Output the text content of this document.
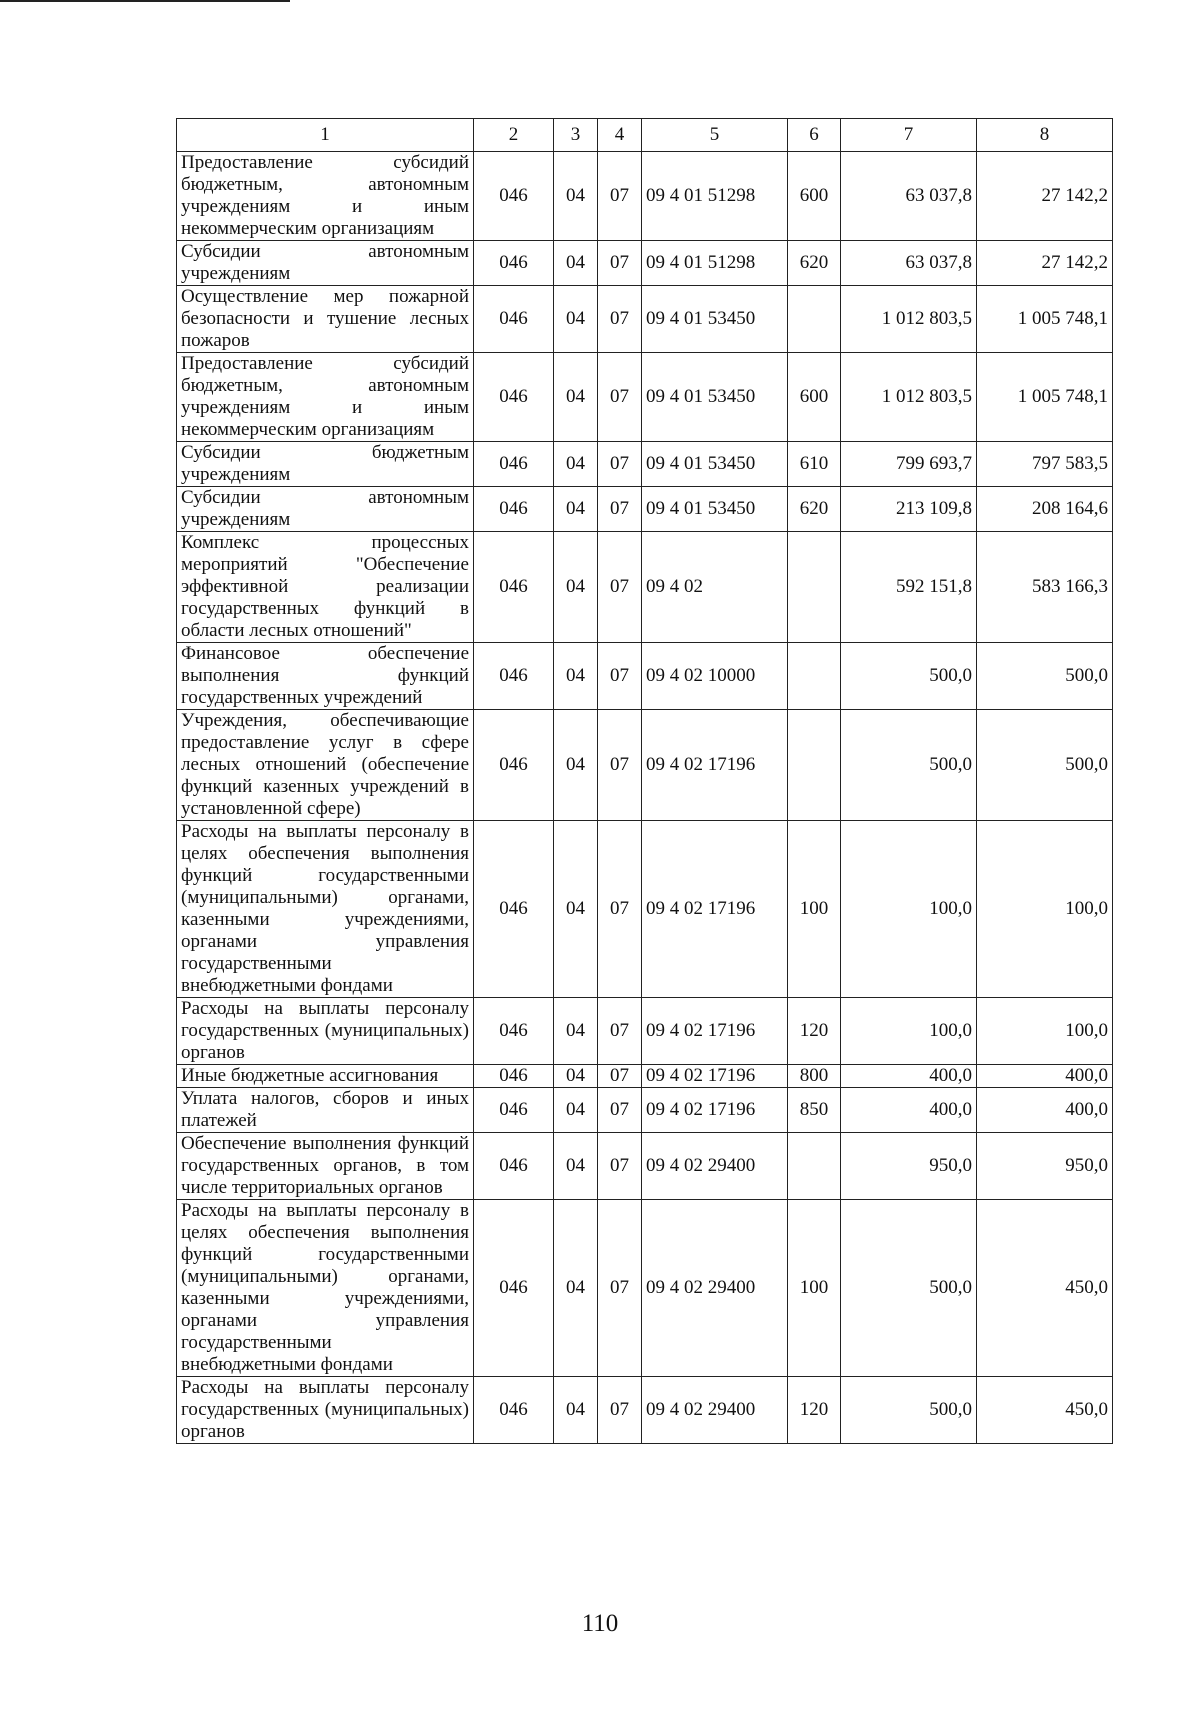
1	2	3	4	5	6	7	8
Предоставление субсидий бюджетным, автономным учреждениям и иным некоммерческим организациям	046	04	07	09 4 01 51298	600	63 037,8	27 142,2
Субсидии автономным учреждениям	046	04	07	09 4 01 51298	620	63 037,8	27 142,2
Осуществление мер пожарной безопасности и тушение лесных пожаров	046	04	07	09 4 01 53450		1 012 803,5	1 005 748,1
Предоставление субсидий бюджетным, автономным учреждениям и иным некоммерческим организациям	046	04	07	09 4 01 53450	600	1 012 803,5	1 005 748,1
Субсидии бюджетным учреждениям	046	04	07	09 4 01 53450	610	799 693,7	797 583,5
Субсидии автономным учреждениям	046	04	07	09 4 01 53450	620	213 109,8	208 164,6
Комплекс процессных мероприятий "Обеспечение эффективной реализации государственных функций в области лесных отношений"	046	04	07	09 4 02		592 151,8	583 166,3
Финансовое обеспечение выполнения функций государственных учреждений	046	04	07	09 4 02 10000		500,0	500,0
Учреждения, обеспечивающие предоставление услуг в сфере лесных отношений (обеспечение функций казенных учреждений в установленной сфере)	046	04	07	09 4 02 17196		500,0	500,0
Расходы на выплаты персоналу в целях обеспечения выполнения функций государственными (муниципальными) органами, казенными учреждениями, органами управления государственными внебюджетными фондами	046	04	07	09 4 02 17196	100	100,0	100,0
Расходы на выплаты персоналу государственных (муниципальных) органов	046	04	07	09 4 02 17196	120	100,0	100,0
Иные бюджетные ассигнования	046	04	07	09 4 02 17196	800	400,0	400,0
Уплата налогов, сборов и иных платежей	046	04	07	09 4 02 17196	850	400,0	400,0
Обеспечение выполнения функций государственных органов, в том числе территориальных органов	046	04	07	09 4 02 29400		950,0	950,0
Расходы на выплаты персоналу в целях обеспечения выполнения функций государственными (муниципальными) органами, казенными учреждениями, органами управления государственными внебюджетными фондами	046	04	07	09 4 02 29400	100	500,0	450,0
Расходы на выплаты персоналу государственных (муниципальных) органов	046	04	07	09 4 02 29400	120	500,0	450,0
110
